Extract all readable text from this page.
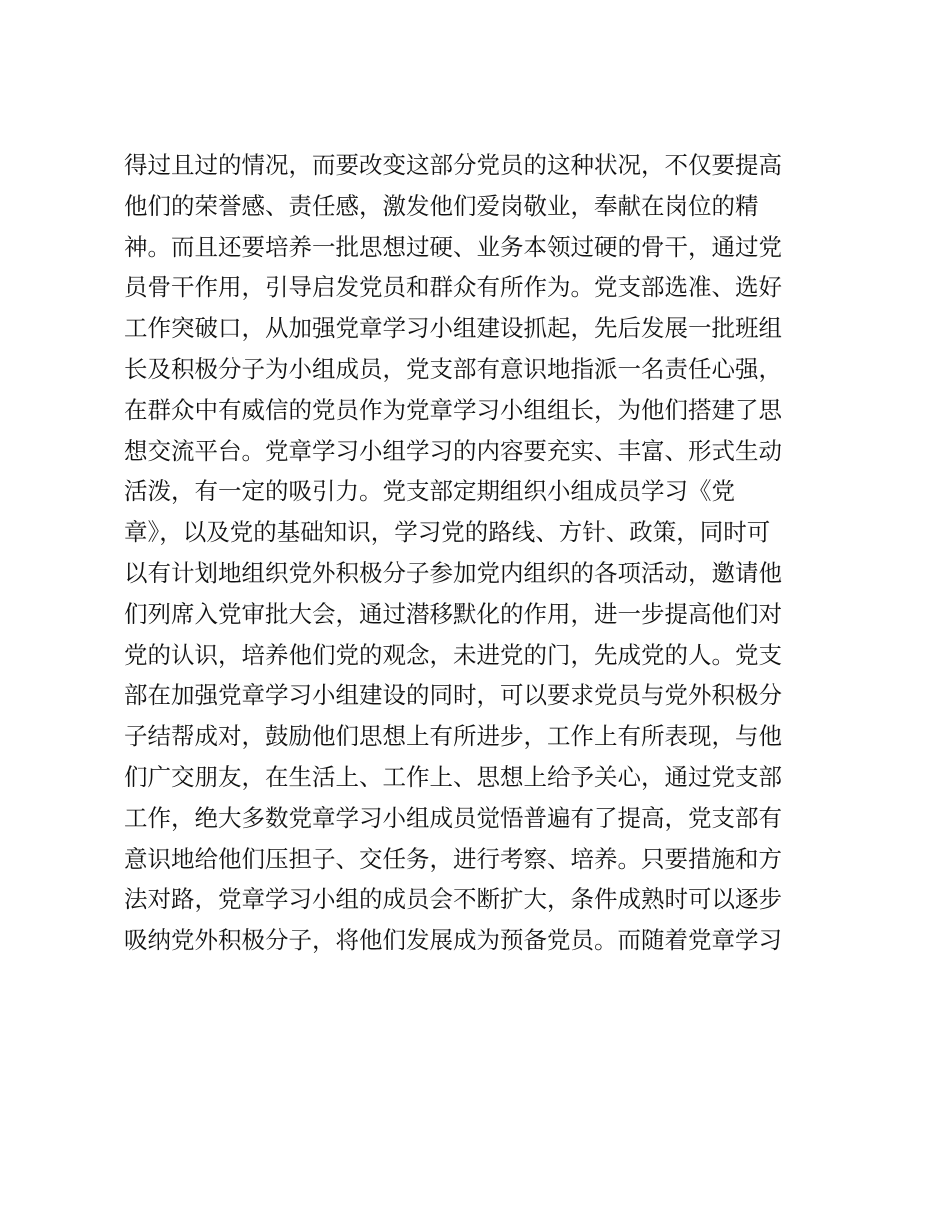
得过且过的情况，而要改变这部分党员的这种状况，不仅要提高
他们的荣誉感、责任感，激发他们爱岗敬业，奉献在岗位的精
神。而且还要培养一批思想过硬、业务本领过硬的骨干，通过党
员骨干作用，引导启发党员和群众有所作为。党支部选准、选好
工作突破口，从加强党章学习小组建设抓起，先后发展一批班组
长及积极分子为小组成员，党支部有意识地指派一名责任心强，
在群众中有威信的党员作为党章学习小组组长，为他们搭建了思
想交流平台。党章学习小组学习的内容要充实、丰富、形式生动
活泼，有一定的吸引力。党支部定期组织小组成员学习《党
章》，以及党的基础知识，学习党的路线、方针、政策，同时可
以有计划地组织党外积极分子参加党内组织的各项活动，邀请他
们列席入党审批大会，通过潜移默化的作用，进一步提高他们对
党的认识，培养他们党的观念，未进党的门，先成党的人。党支
部在加强党章学习小组建设的同时，可以要求党员与党外积极分
子结帮成对，鼓励他们思想上有所进步，工作上有所表现，与他
们广交朋友，在生活上、工作上、思想上给予关心，通过党支部
工作，绝大多数党章学习小组成员觉悟普遍有了提高，党支部有
意识地给他们压担子、交任务，进行考察、培养。只要措施和方
法对路，党章学习小组的成员会不断扩大，条件成熟时可以逐步
吸纳党外积极分子，将他们发展成为预备党员。而随着党章学习
